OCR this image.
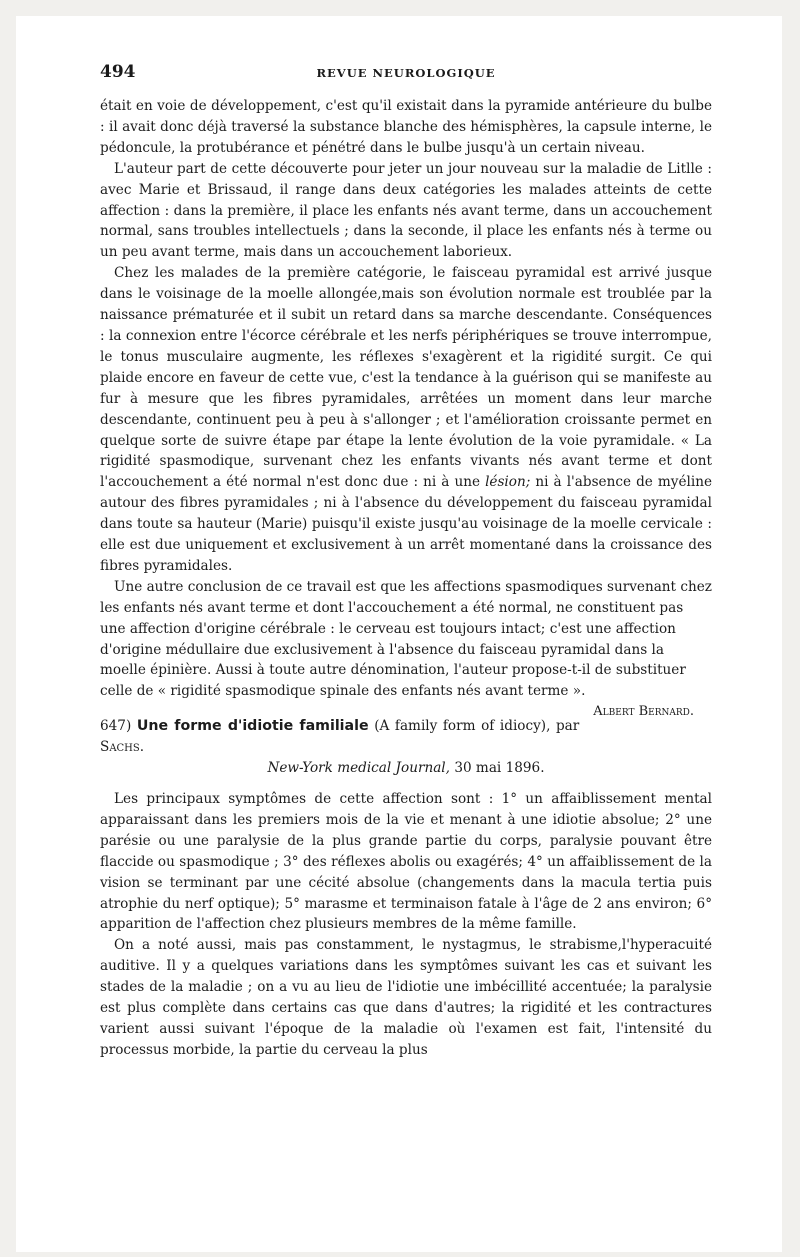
494	REVUE NEUROLOGIQUE

était en voie de développement, c'est qu'il existait dans la pyramide antérieure du bulbe : il avait donc déjà traversé la substance blanche des hémisphères, la capsule interne, le pédoncule, la protubérance et pénétré dans le bulbe jusqu'à un certain niveau.

L'auteur part de cette découverte pour jeter un jour nouveau sur la maladie de Litlle : avec Marie et Brissaud, il range dans deux catégories les malades atteints de cette affection : dans la première, il place les enfants nés avant terme, dans un accouchement normal, sans troubles intellectuels ; dans la seconde, il place les enfants nés à terme ou un peu avant terme, mais dans un accouchement laborieux.

Chez les malades de la première catégorie, le faisceau pyramidal est arrivé jusque dans le voisinage de la moelle allongée,mais son évolution normale est troublée par la naissance prématurée et il subit un retard dans sa marche descendante. Conséquences : la connexion entre l'écorce cérébrale et les nerfs périphériques se trouve interrompue, le tonus musculaire augmente, les réflexes s'exagèrent et la rigidité surgit. Ce qui plaide encore en faveur de cette vue, c'est la tendance à la guérison qui se manifeste au fur à mesure que les fibres pyramidales, arrêtées un moment dans leur marche descendante, continuent peu à peu à s'allonger ; et l'amélioration croissante permet en quelque sorte de suivre étape par étape la lente évolution de la voie pyramidale. « La rigidité spasmodique, survenant chez les enfants vivants nés avant terme et dont l'accouchement a été normal n'est donc due : ni à une lésion; ni à l'absence de myéline autour des fibres pyramidales ; ni à l'absence du développement du faisceau pyramidal dans toute sa hauteur (Marie) puisqu'il existe jusqu'au voisinage de la moelle cervicale : elle est due uniquement et exclusivement à un arrêt momentané dans la croissance des fibres pyramidales.

Une autre conclusion de ce travail est que les affections spasmodiques survenant chez les enfants nés avant terme et dont l'accouchement a été normal, ne constituent pas une affection d'origine cérébrale : le cerveau est toujours intact; c'est une affection d'origine médullaire due exclusivement à l'absence du faisceau pyramidal dans la moelle épinière. Aussi à toute autre dénomination, l'auteur propose-t-il de substituer celle de « rigidité spasmodique spinale des enfants nés avant terme ».
Albert Bernard.

647) Une forme d'idiotie familiale (A family form of idiocy), par Sachs.

New-York medical Journal, 30 mai 1896.

Les principaux symptômes de cette affection sont : 1° un affaiblissement mental apparaissant dans les premiers mois de la vie et menant à une idiotie absolue; 2° une parésie ou une paralysie de la plus grande partie du corps, paralysie pouvant être flaccide ou spasmodique ; 3° des réflexes abolis ou exagérés; 4° un affaiblissement de la vision se terminant par une cécité absolue (changements dans la macula tertia puis atrophie du nerf optique); 5° marasme et terminaison fatale à l'âge de 2 ans environ; 6° apparition de l'affection chez plusieurs membres de la même famille.

On a noté aussi, mais pas constamment, le nystagmus, le strabisme,l'hyperacuité auditive. Il y a quelques variations dans les symptômes suivant les cas et suivant les stades de la maladie ; on a vu au lieu de l'idiotie une imbécillité accentuée; la paralysie est plus complète dans certains cas que dans d'autres; la rigidité et les contractures varient aussi suivant l'époque de la maladie où l'examen est fait, l'intensité du processus morbide, la partie du cerveau la plus
